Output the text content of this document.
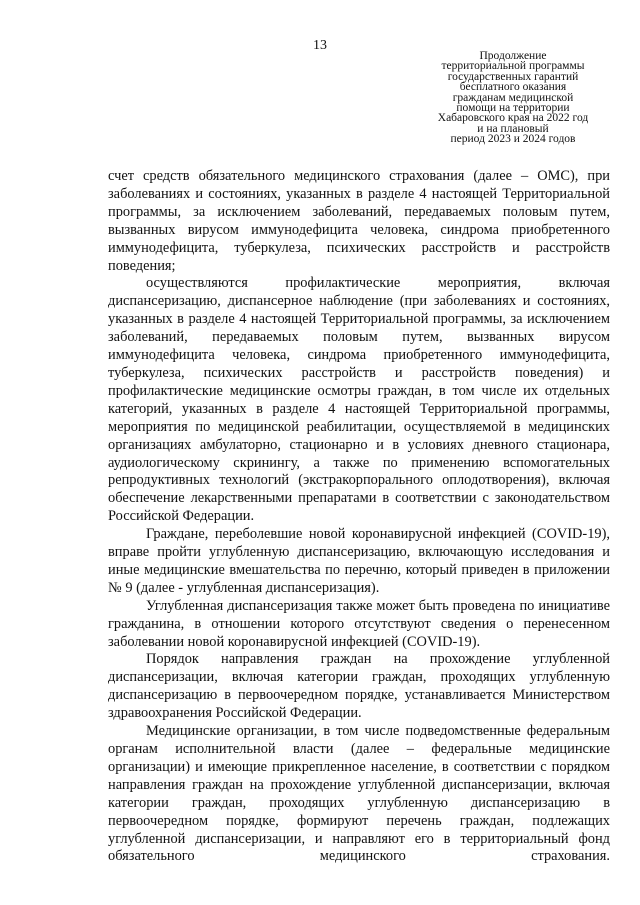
13
Продолжение
территориальной программы
государственных гарантий
бесплатного оказания
гражданам медицинской
помощи на территории
Хабаровского края на 2022 год
и на плановый
период 2023 и 2024 годов

счет средств обязательного медицинского страхования (далее – ОМС), при заболеваниях и состояниях, указанных в разделе 4 настоящей Территориальной программы, за исключением заболеваний, передаваемых половым путем, вызванных вирусом иммунодефицита человека, синдрома приобретенного иммунодефицита, туберкулеза, психических расстройств и расстройств поведения;

осуществляются профилактические мероприятия, включая диспансеризацию, диспансерное наблюдение (при заболеваниях и состояниях, указанных в разделе 4 настоящей Территориальной программы, за исключением заболеваний, передаваемых половым путем, вызванных вирусом иммунодефицита человека, синдрома приобретенного иммунодефицита, туберкулеза, психических расстройств и расстройств поведения) и профилактические медицинские осмотры граждан, в том числе их отдельных категорий, указанных в разделе 4 настоящей Территориальной программы, мероприятия по медицинской реабилитации, осуществляемой в медицинских организациях амбулаторно, стационарно и в условиях дневного стационара, аудиологическому скринингу, а также по применению вспомогательных репродуктивных технологий (экстракорпорального оплодотворения), включая обеспечение лекарственными препаратами в соответствии с законодательством Российской Федерации.

Граждане, переболевшие новой коронавирусной инфекцией (COVID-19), вправе пройти углубленную диспансеризацию, включающую исследования и иные медицинские вмешательства по перечню, который приведен в приложении № 9 (далее - углубленная диспансеризация).

Углубленная диспансеризация также может быть проведена по инициативе гражданина, в отношении которого отсутствуют сведения о перенесенном заболевании новой коронавирусной инфекцией (COVID-19).

Порядок направления граждан на прохождение углубленной диспансеризации, включая категории граждан, проходящих углубленную диспансеризацию в первоочередном порядке, устанавливается Министерством здравоохранения Российской Федерации.

Медицинские организации, в том числе подведомственные федеральным органам исполнительной власти (далее – федеральные медицинские организации) и имеющие прикрепленное население, в соответствии с порядком направления граждан на прохождение углубленной диспансеризации, включая категории граждан, проходящих углубленную диспансеризацию в первоочередном порядке, формируют перечень граждан, подлежащих углубленной диспансеризации, и направляют его в территориальный фонд обязательного медицинского страхования.
